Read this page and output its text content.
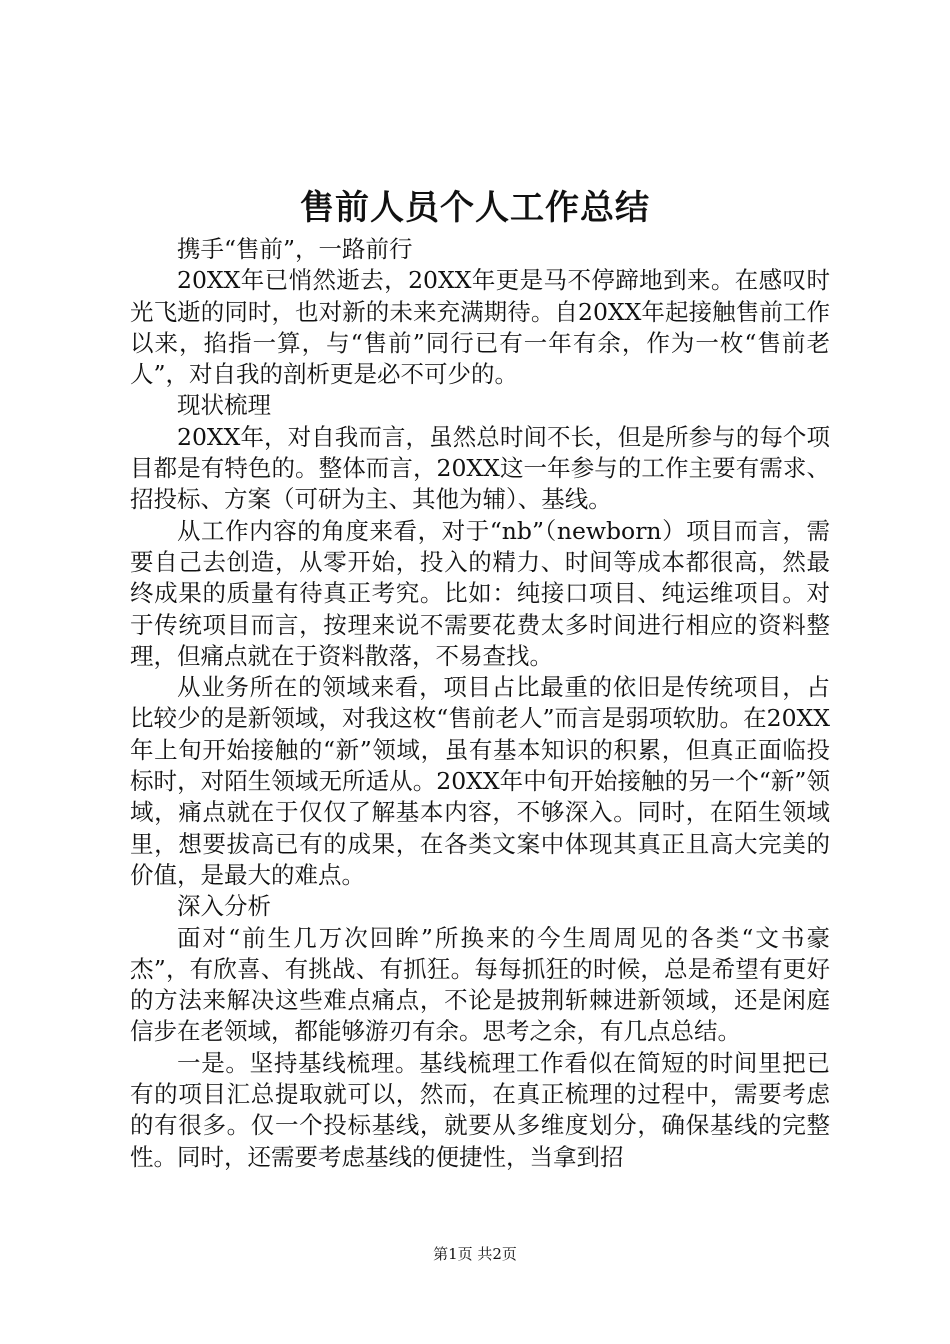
售前人员个人工作总结

携手“售前”，一路前行

20XX年已悄然逝去，20XX年更是马不停蹄地到来。在感叹时光飞逝的同时，也对新的未来充满期待。自20XX年起接触售前工作以来，掐指一算，与“售前”同行已有一年有余，作为一枚“售前老人”，对自我的剖析更是必不可少的。

现状梳理

20XX年，对自我而言，虽然总时间不长，但是所参与的每个项目都是有特色的。整体而言，20XX这一年参与的工作主要有需求、招投标、方案（可研为主、其他为辅）、基线。

从工作内容的角度来看，对于“nb”（newborn）项目而言，需要自己去创造，从零开始，投入的精力、时间等成本都很高，然最终成果的质量有待真正考究。比如：纯接口项目、纯运维项目。对于传统项目而言，按理来说不需要花费太多时间进行相应的资料整理，但痛点就在于资料散落，不易查找。

从业务所在的领域来看，项目占比最重的依旧是传统项目，占比较少的是新领域，对我这枚“售前老人”而言是弱项软肋。在20XX年上旬开始接触的“新”领域，虽有基本知识的积累，但真正面临投标时，对陌生领域无所适从。20XX年中旬开始接触的另一个“新”领域，痛点就在于仅仅了解基本内容，不够深入。同时，在陌生领域里，想要拔高已有的成果，在各类文案中体现其真正且高大完美的价值，是最大的难点。

深入分析

面对“前生几万次回眸”所换来的今生周周见的各类“文书豪杰”，有欣喜、有挑战、有抓狂。每每抓狂的时候，总是希望有更好的方法来解决这些难点痛点，不论是披荆斩棘进新领域，还是闲庭信步在老领域，都能够游刃有余。思考之余，有几点总结。

一是。坚持基线梳理。基线梳理工作看似在简短的时间里把已有的项目汇总提取就可以，然而，在真正梳理的过程中，需要考虑的有很多。仅一个投标基线，就要从多维度划分，确保基线的完整性。同时，还需要考虑基线的便捷性，当拿到招

第1页 共2页
